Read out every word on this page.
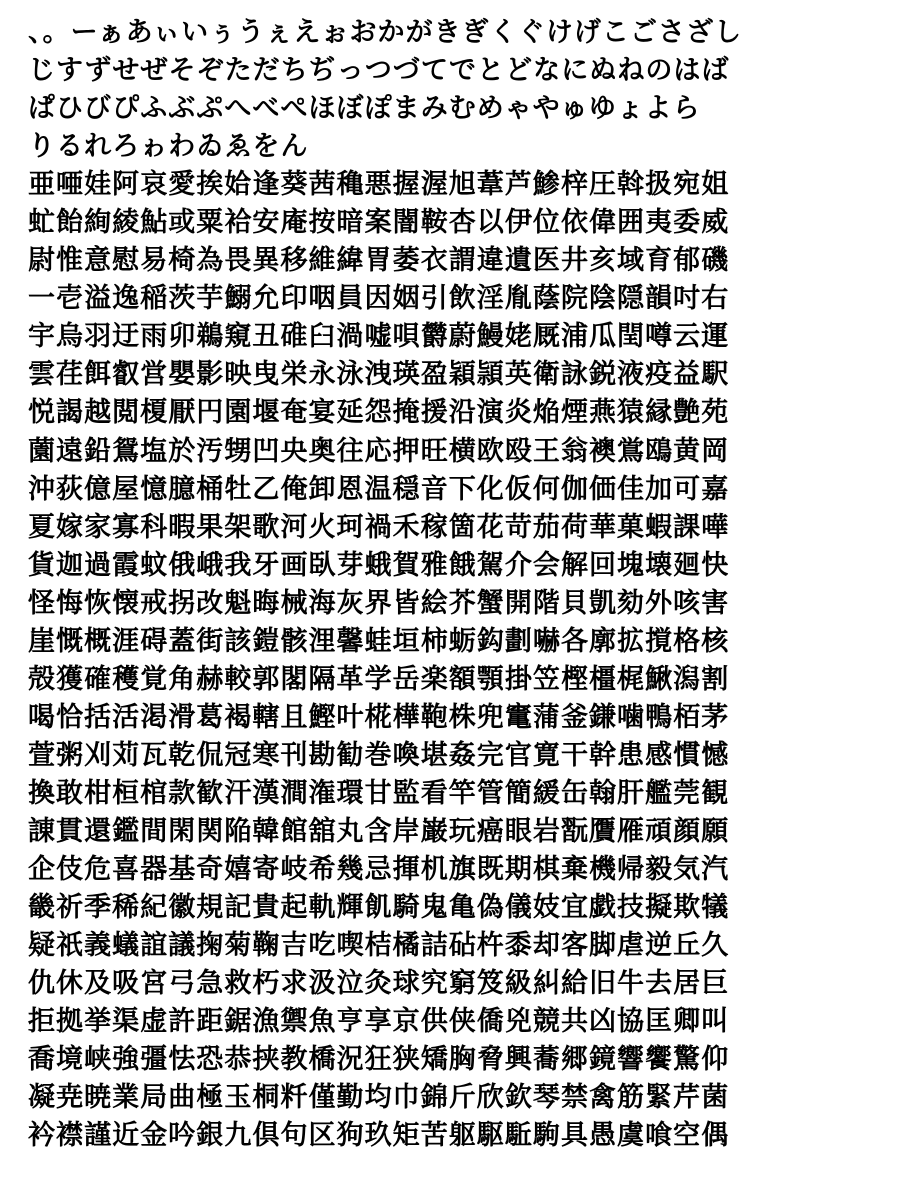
、。ーぁあぃいぅうぇえぉおかがきぎくぐけげこごさざし
じすずせぜそぞただちぢっつづてでとどなにぬねのはば
ぱひびぴふぶぷへべぺほぼぽまみむめゃやゅゆょよら
りるれろゎわゐゑをん
亜唖娃阿哀愛挨姶逢葵茜穐悪握渥旭葦芦鯵梓圧斡扱宛姐
虻飴絢綾鮎或粟袷安庵按暗案闇鞍杏以伊位依偉囲夷委威
尉惟意慰易椅為畏異移維緯胃萎衣謂違遺医井亥域育郁磯
一壱溢逸稲茨芋鰯允印咽員因姻引飲淫胤蔭院陰隠韻吋右
宇烏羽迂雨卯鵜窺丑碓臼渦嘘唄欝蔚鰻姥厩浦瓜閏噂云運
雲荏餌叡営嬰影映曳栄永泳洩瑛盈穎頴英衛詠鋭液疫益駅
悦謁越閲榎厭円園堰奄宴延怨掩援沿演炎焔煙燕猿縁艶苑
薗遠鉛鴛塩於汚甥凹央奥往応押旺横欧殴王翁襖鴬鴎黄岡
沖荻億屋憶臆桶牡乙俺卸恩温穏音下化仮何伽価佳加可嘉
夏嫁家寡科暇果架歌河火珂禍禾稼箇花苛茄荷華菓蝦課嘩
貨迦過霞蚊俄峨我牙画臥芽蛾賀雅餓駕介会解回塊壊廻快
怪悔恢懐戒拐改魁晦械海灰界皆絵芥蟹開階貝凱劾外咳害
崖慨概涯碍蓋街該鎧骸浬馨蛙垣柿蛎鈎劃嚇各廓拡撹格核
殻獲確穫覚角赫較郭閣隔革学岳楽額顎掛笠樫橿梶鰍潟割
喝恰括活渇滑葛褐轄且鰹叶椛樺鞄株兜竃蒲釜鎌噛鴨栢茅
萱粥刈苅瓦乾侃冠寒刊勘勧巻喚堪姦完官寛干幹患感慣憾
換敢柑桓棺款歓汗漢澗潅環甘監看竿管簡緩缶翰肝艦莞観
諌貫還鑑間閑関陥韓館舘丸含岸巌玩癌眼岩翫贋雁頑顔願
企伎危喜器基奇嬉寄岐希幾忌揮机旗既期棋棄機帰毅気汽
畿祈季稀紀徽規記貴起軌輝飢騎鬼亀偽儀妓宜戯技擬欺犠
疑祇義蟻誼議掬菊鞠吉吃喫桔橘詰砧杵黍却客脚虐逆丘久
仇休及吸宮弓急救朽求汲泣灸球究窮笈級糾給旧牛去居巨
拒拠挙渠虚許距鋸漁禦魚亨享京供侠僑兇競共凶協匡卿叫
喬境峡強彊怯恐恭挟教橋況狂狭矯胸脅興蕎郷鏡響饗驚仰
凝尭暁業局曲極玉桐粁僅勤均巾錦斤欣欽琴禁禽筋緊芹菌
衿襟謹近金吟銀九倶句区狗玖矩苦躯駆駈駒具愚虞喰空偶
